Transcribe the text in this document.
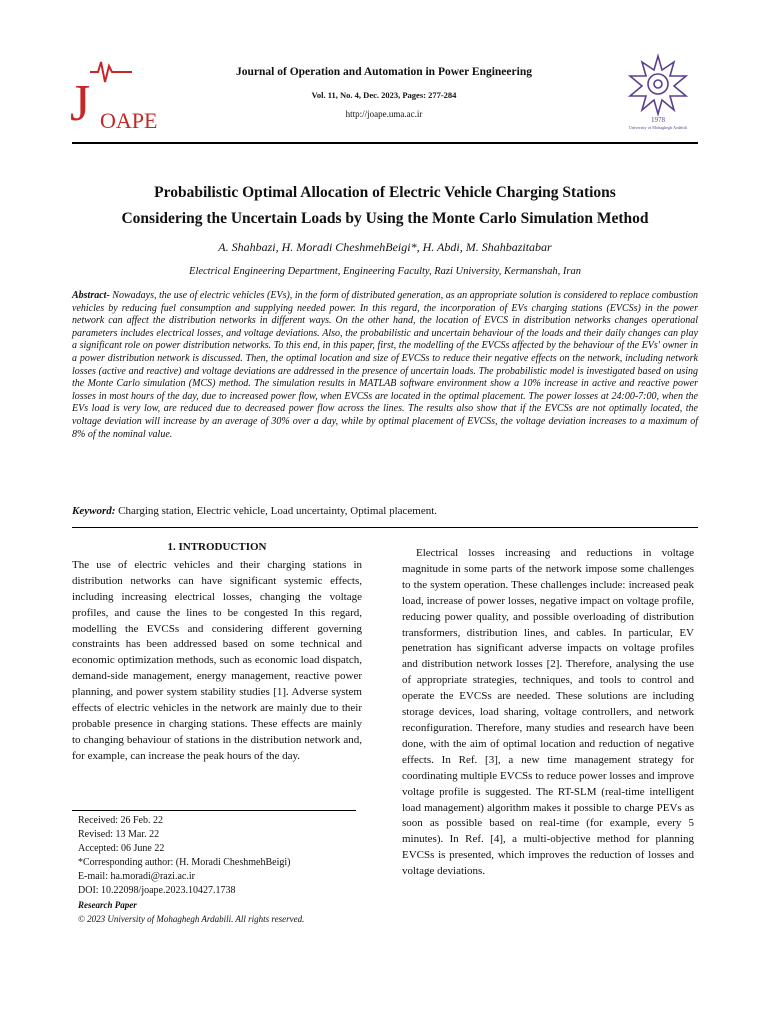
J OAPE
Journal of Operation and Automation in Power Engineering
Vol. 11, No. 4, Dec. 2023, Pages: 277-284
http://joape.uma.ac.ir
1978
University of Mohaghegh Ardabili
Probabilistic Optimal Allocation of Electric Vehicle Charging Stations
Considering the Uncertain Loads by Using the Monte Carlo Simulation Method
A. Shahbazi, H. Moradi CheshmehBeigi*, H. Abdi, M. Shahbazitabar
Electrical Engineering Department, Engineering Faculty, Razi University, Kermanshah, Iran
Abstract- Nowadays, the use of electric vehicles (EVs), in the form of distributed generation, as an appropriate solution is considered to replace combustion vehicles by reducing fuel consumption and supplying needed power. In this regard, the incorporation of EVs charging stations (EVCSs) in the power network can affect the distribution networks in different ways. On the other hand, the location of EVCS in distribution networks changes operational parameters includes electrical losses, and voltage deviations. Also, the probabilistic and uncertain behaviour of the loads and their daily changes can play a significant role on power distribution networks. To this end, in this paper, first, the modelling of the EVCSs affected by the behaviour of the EVs' owner in a power distribution network is discussed. Then, the optimal location and size of EVCSs to reduce their negative effects on the network, including network losses (active and reactive) and voltage deviations are addressed in the presence of uncertain loads. The probabilistic model is investigated based on using the Monte Carlo simulation (MCS) method. The simulation results in MATLAB software environment show a 10% increase in active and reactive power losses in most hours of the day, due to increased power flow, when EVCSs are located in the optimal placement. The power losses at 24:00-7:00, when the EVs load is very low, are reduced due to decreased power flow across the lines. The results also show that if the EVCSs are not optimally located, the voltage deviation will increase by an average of 30% over a day, while by optimal placement of EVCSs, the voltage deviation increases to a maximum of 8% of the nominal value.
Keyword: Charging station, Electric vehicle, Load uncertainty, Optimal placement.
1. INTRODUCTION

The use of electric vehicles and their charging stations in distribution networks can have significant systemic effects, including increasing electrical losses, changing the voltage profiles, and cause the lines to be congested In this regard, modelling the EVCSs and considering different governing constraints has been addressed based on some technical and economic optimization methods, such as economic load dispatch, demand-side management, energy management, reactive power planning, and power system stability studies [1]. Adverse system effects of electric vehicles in the network are mainly due to their probable presence in charging stations. These effects are mainly to changing behaviour of stations in the distribution network and, for example, can increase the peak hours of the day.

Electrical losses increasing and reductions in voltage magnitude in some parts of the network impose some challenges to the system operation. These challenges include: increased peak load, increase of power losses, negative impact on voltage profile, reducing power quality, and possible overloading of distribution transformers, distribution lines, and cables. In particular, EV penetration has significant adverse impacts on voltage profiles and distribution network losses [2]. Therefore, analysing the use of appropriate strategies, techniques, and tools to control and operate the EVCSs are needed. These solutions are including storage devices, load sharing, voltage controllers, and network reconfiguration. Therefore, many studies and research have been done, with the aim of optimal location and reduction of negative effects. In Ref. [3], a new time management strategy for coordinating multiple EVCSs to reduce power losses and improve voltage profile is suggested. The RT-SLM (real-time intelligent load management) algorithm makes it possible to charge PEVs as soon as possible based on real-time (for example, every 5 minutes). In Ref. [4], a multi-objective method for planning EVCSs is presented, which improves the reduction of losses and voltage deviations.

Received: 26 Feb. 22
Revised: 13 Mar. 22
Accepted: 06 June 22
*Corresponding author: (H. Moradi CheshmehBeigi)
E-mail: ha.moradi@razi.ac.ir
DOI: 10.22098/joape.2023.10427.1738
Research Paper
© 2023 University of Mohaghegh Ardabili. All rights reserved.
